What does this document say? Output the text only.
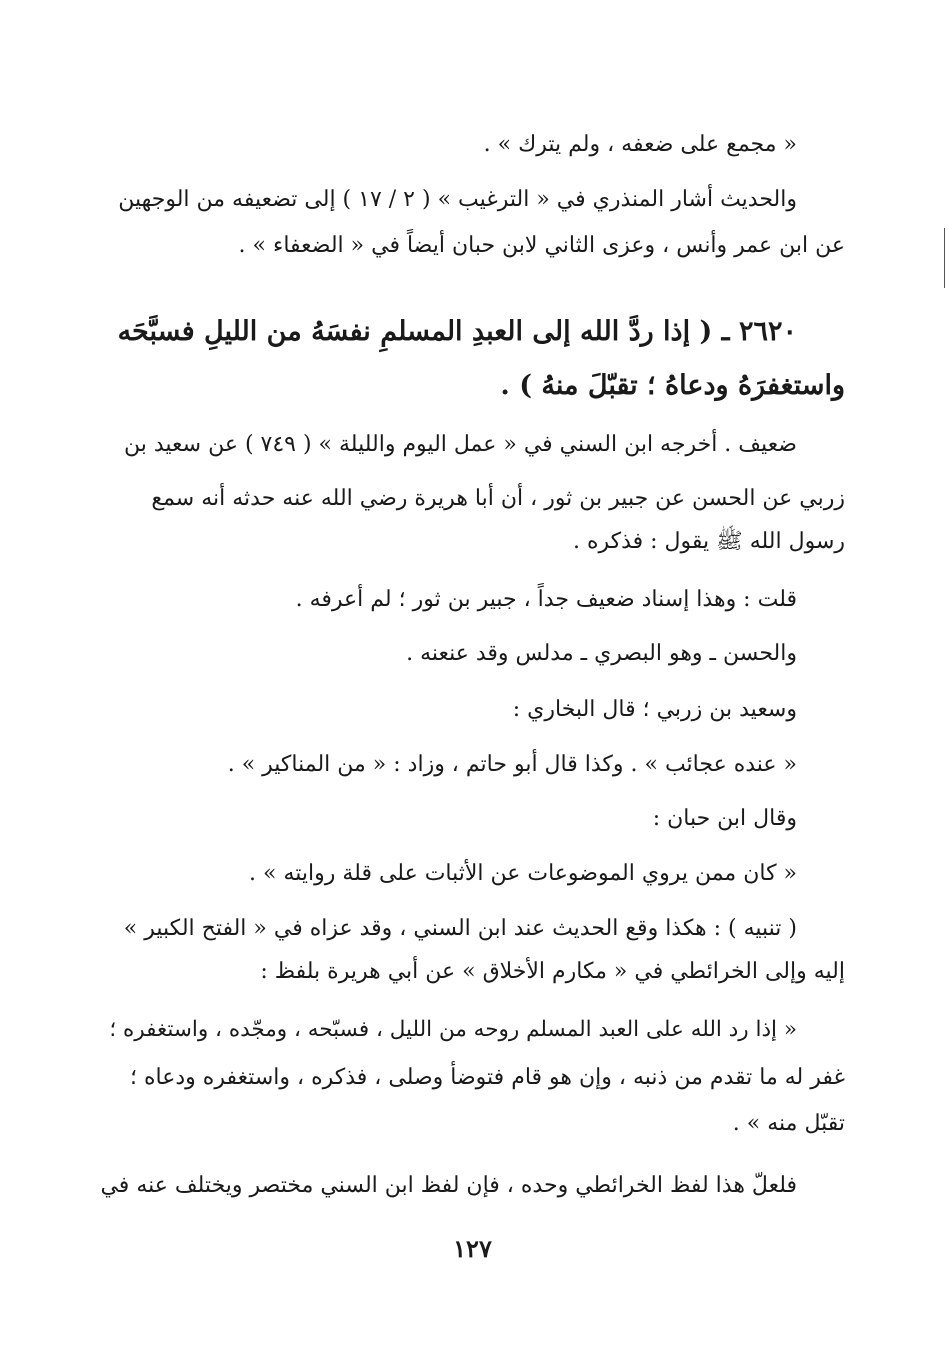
« مجمع على ضعفه ، ولم يترك » .
والحديث أشار المنذري في « الترغيب » ( ٢ / ١٧ ) إلى تضعيفه من الوجهين
عن ابن عمر وأنس ، وعزى الثاني لابن حبان أيضاً في « الضعفاء » .
٢٦٢٠ ـ ( إذا ردَّ الله إلى العبدِ المسلمِ نفسَهُ من الليلِ فسبَّحَه
واستغفرَهُ ودعاهُ ؛ تقبّلَ منهُ ) .
ضعيف . أخرجه ابن السني في « عمل اليوم والليلة » ( ٧٤٩ ) عن سعيد بن
زربي عن الحسن عن جبير بن ثور ، أن أبا هريرة رضي الله عنه حدثه أنه سمع
رسول الله ﷺ يقول : فذكره .
قلت : وهذا إسناد ضعيف جداً ، جبير بن ثور ؛ لم أعرفه .
والحسن ـ وهو البصري ـ مدلس وقد عنعنه .
وسعيد بن زربي ؛ قال البخاري :
« عنده عجائب » . وكذا قال أبو حاتم ، وزاد : « من المناكير » .
وقال ابن حبان :
« كان ممن يروي الموضوعات عن الأثبات على قلة روايته » .
( تنبيه ) : هكذا وقع الحديث عند ابن السني ، وقد عزاه في « الفتح الكبير »
إليه وإلى الخرائطي في « مكارم الأخلاق » عن أبي هريرة بلفظ :
« إذا رد الله على العبد المسلم روحه من الليل ، فسبّحه ، ومجّده ، واستغفره ؛
غفر له ما تقدم من ذنبه ، وإن هو قام فتوضأ وصلى ، فذكره ، واستغفره ودعاه ؛
تقبّل منه » .
فلعلّ هذا لفظ الخرائطي وحده ، فإن لفظ ابن السني مختصر ويختلف عنه في
١٢٧
